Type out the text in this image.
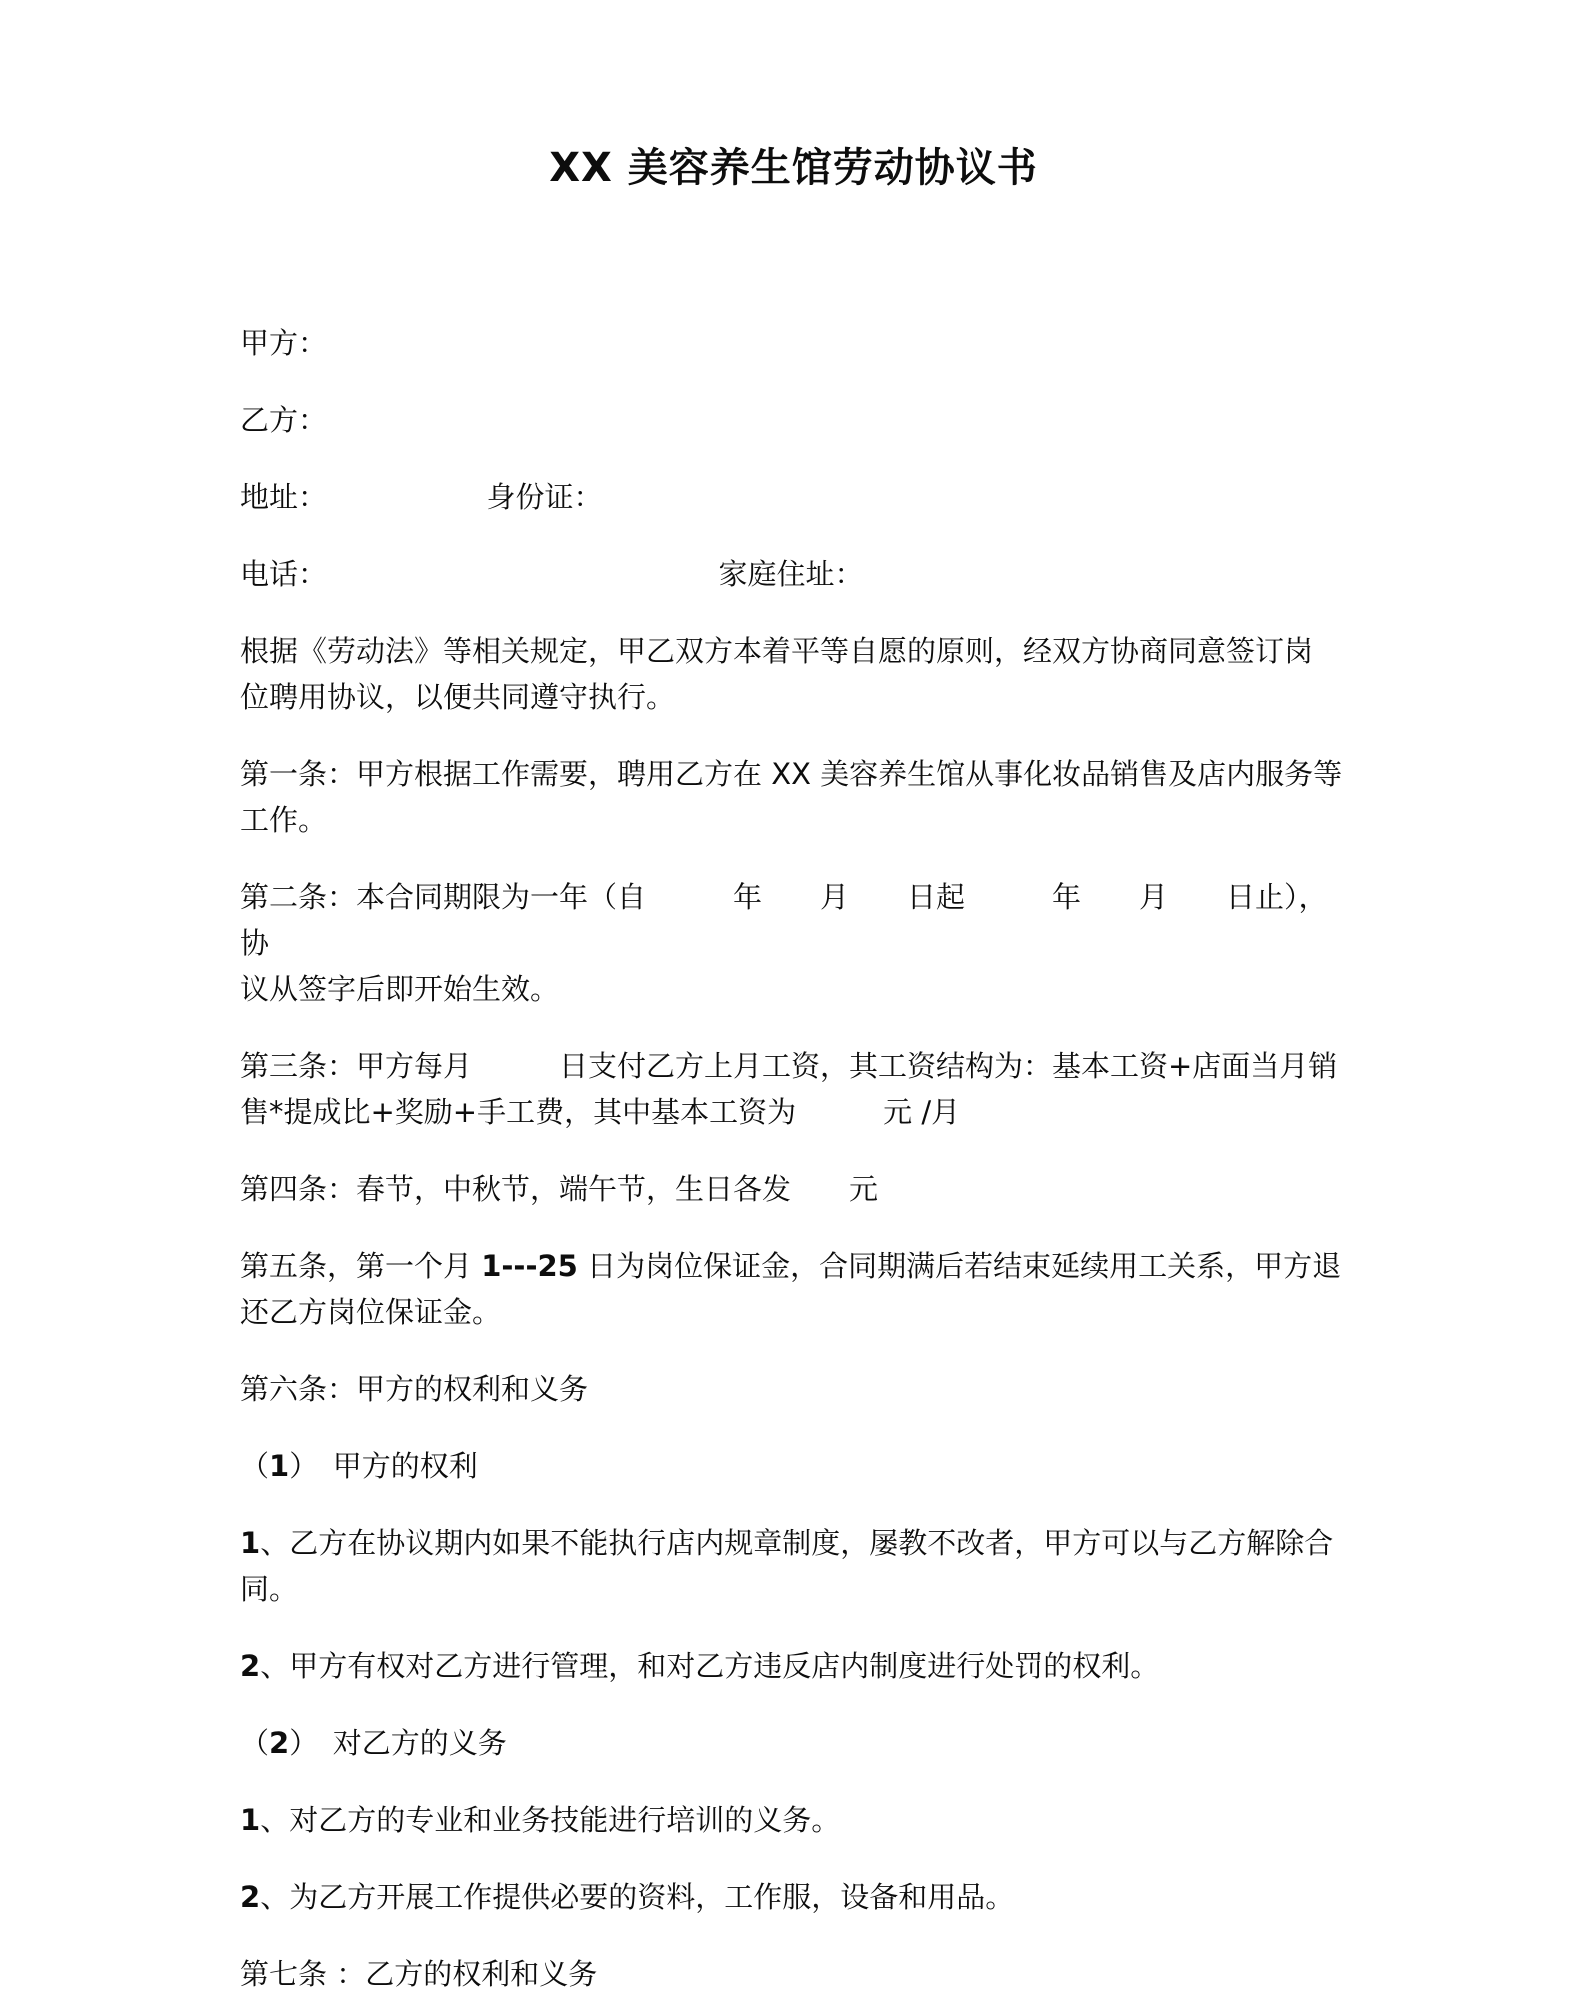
XX 美容养生馆劳动协议书
甲方：
乙方：
地址：　　　　　　身份证：
电话：　　　　　　　　　　　　　　家庭住址：
根据《劳动法》等相关规定，甲乙双方本着平等自愿的原则，经双方协商同意签订岗
位聘用协议，以便共同遵守执行。
第一条：甲方根据工作需要，聘用乙方在 XX 美容养生馆从事化妆品销售及店内服务等
工作。
第二条：本合同期限为一年（自　　　年　　月　　日起　　　年　　月　　日止），协
议从签字后即开始生效。
第三条：甲方每月　　　日支付乙方上月工资，其工资结构为：基本工资+店面当月销
售*提成比+奖励+手工费，其中基本工资为　　　元 /月
第四条：春节，中秋节，端午节，生日各发　　元
第五条，第一个月 1---25 日为岗位保证金，合同期满后若结束延续用工关系，甲方退
还乙方岗位保证金。
第六条：甲方的权利和义务
（1）　甲方的权利
1、乙方在协议期内如果不能执行店内规章制度，屡教不改者，甲方可以与乙方解除合
同。
2、甲方有权对乙方进行管理，和对乙方违反店内制度进行处罚的权利。
（2）　对乙方的义务
1、对乙方的专业和业务技能进行培训的义务。
2、为乙方开展工作提供必要的资料，工作服，设备和用品。
第七条 ：乙方的权利和义务
